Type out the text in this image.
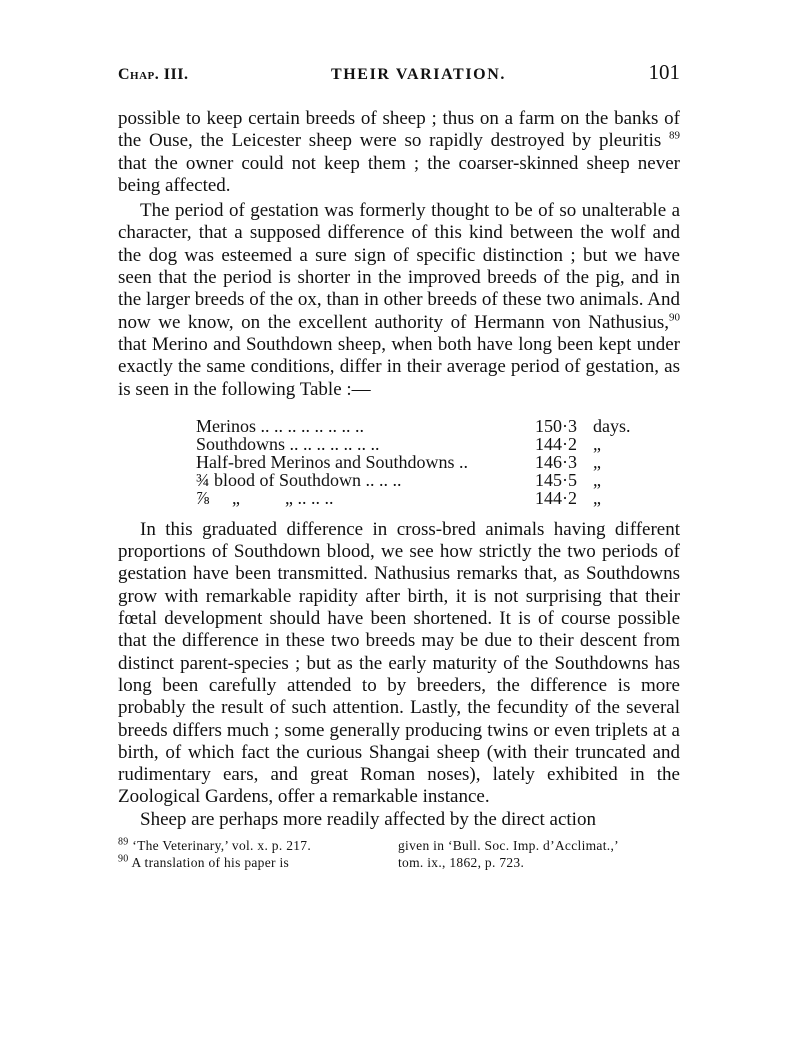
Chap. III.	THEIR VARIATION.	101

possible to keep certain breeds of sheep ; thus on a farm on the banks of the Ouse, the Leicester sheep were so rapidly destroyed by pleuritis $^{89}$ that the owner could not keep them ; the coarser-skinned sheep never being affected.

The period of gestation was formerly thought to be of so unalterable a character, that a supposed difference of this kind between the wolf and the dog was esteemed a sure sign of specific distinction ; but we have seen that the period is shorter in the improved breeds of the pig, and in the larger breeds of the ox, than in other breeds of these two animals. And now we know, on the excellent authority of Hermann von Nathusius,$^{90}$ that Merino and Southdown sheep, when both have long been kept under exactly the same conditions, differ in their average period of gestation, as is seen in the following Table :—

Merinos .. .. .. .. .. .. .. ..	150·3	days.
Southdowns .. .. .. .. .. .. ..	144·2	„
Half-bred Merinos and Southdowns ..	146·3	„
¾ blood of Southdown .. .. ..	145·5	„
⅞     „          „ .. .. ..	144·2	„

In this graduated difference in cross-bred animals having different proportions of Southdown blood, we see how strictly the two periods of gestation have been transmitted. Nathusius remarks that, as Southdowns grow with remarkable rapidity after birth, it is not surprising that their fœtal development should have been shortened. It is of course possible that the difference in these two breeds may be due to their descent from distinct parent-species ; but as the early maturity of the Southdowns has long been carefully attended to by breeders, the difference is more probably the result of such attention. Lastly, the fecundity of the several breeds differs much ; some generally producing twins or even triplets at a birth, of which fact the curious Shangai sheep (with their truncated and rudimentary ears, and great Roman noses), lately exhibited in the Zoological Gardens, offer a remarkable instance.

Sheep are perhaps more readily affected by the direct action

$^{89}$ ‘The Veterinary,’ vol. x. p. 217.
$^{90}$ A translation of his paper is
given in ‘Bull. Soc. Imp. d’Acclimat.,’
tom. ix., 1862, p. 723.
